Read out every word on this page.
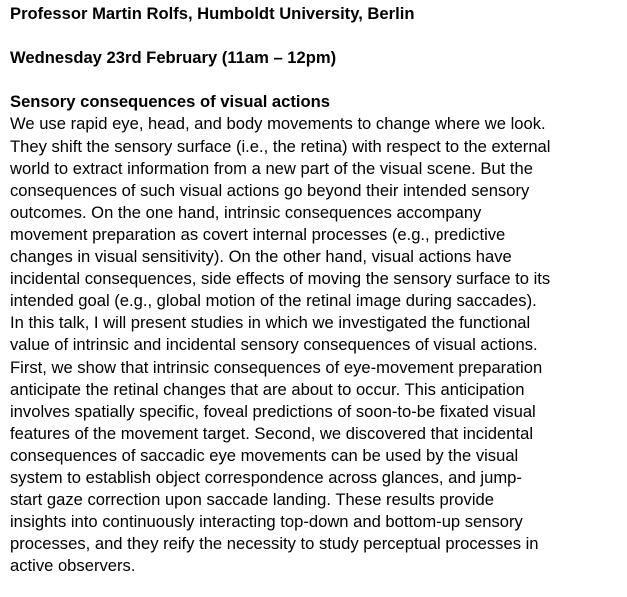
Professor Martin Rolfs, Humboldt University, Berlin
Wednesday 23rd February (11am – 12pm)
Sensory consequences of visual actions
We use rapid eye, head, and body movements to change where we look.
They shift the sensory surface (i.e., the retina) with respect to the external
world to extract information from a new part of the visual scene. But the
consequences of such visual actions go beyond their intended sensory
outcomes. On the one hand, intrinsic consequences accompany
movement preparation as covert internal processes (e.g., predictive
changes in visual sensitivity). On the other hand, visual actions have
incidental consequences, side effects of moving the sensory surface to its
intended goal (e.g., global motion of the retinal image during saccades).
In this talk, I will present studies in which we investigated the functional
value of intrinsic and incidental sensory consequences of visual actions.
First, we show that intrinsic consequences of eye-movement preparation
anticipate the retinal changes that are about to occur. This anticipation
involves spatially specific, foveal predictions of soon-to-be fixated visual
features of the movement target. Second, we discovered that incidental
consequences of saccadic eye movements can be used by the visual
system to establish object correspondence across glances, and jump-
start gaze correction upon saccade landing. These results provide
insights into continuously interacting top-down and bottom-up sensory
processes, and they reify the necessity to study perceptual processes in
active observers.
